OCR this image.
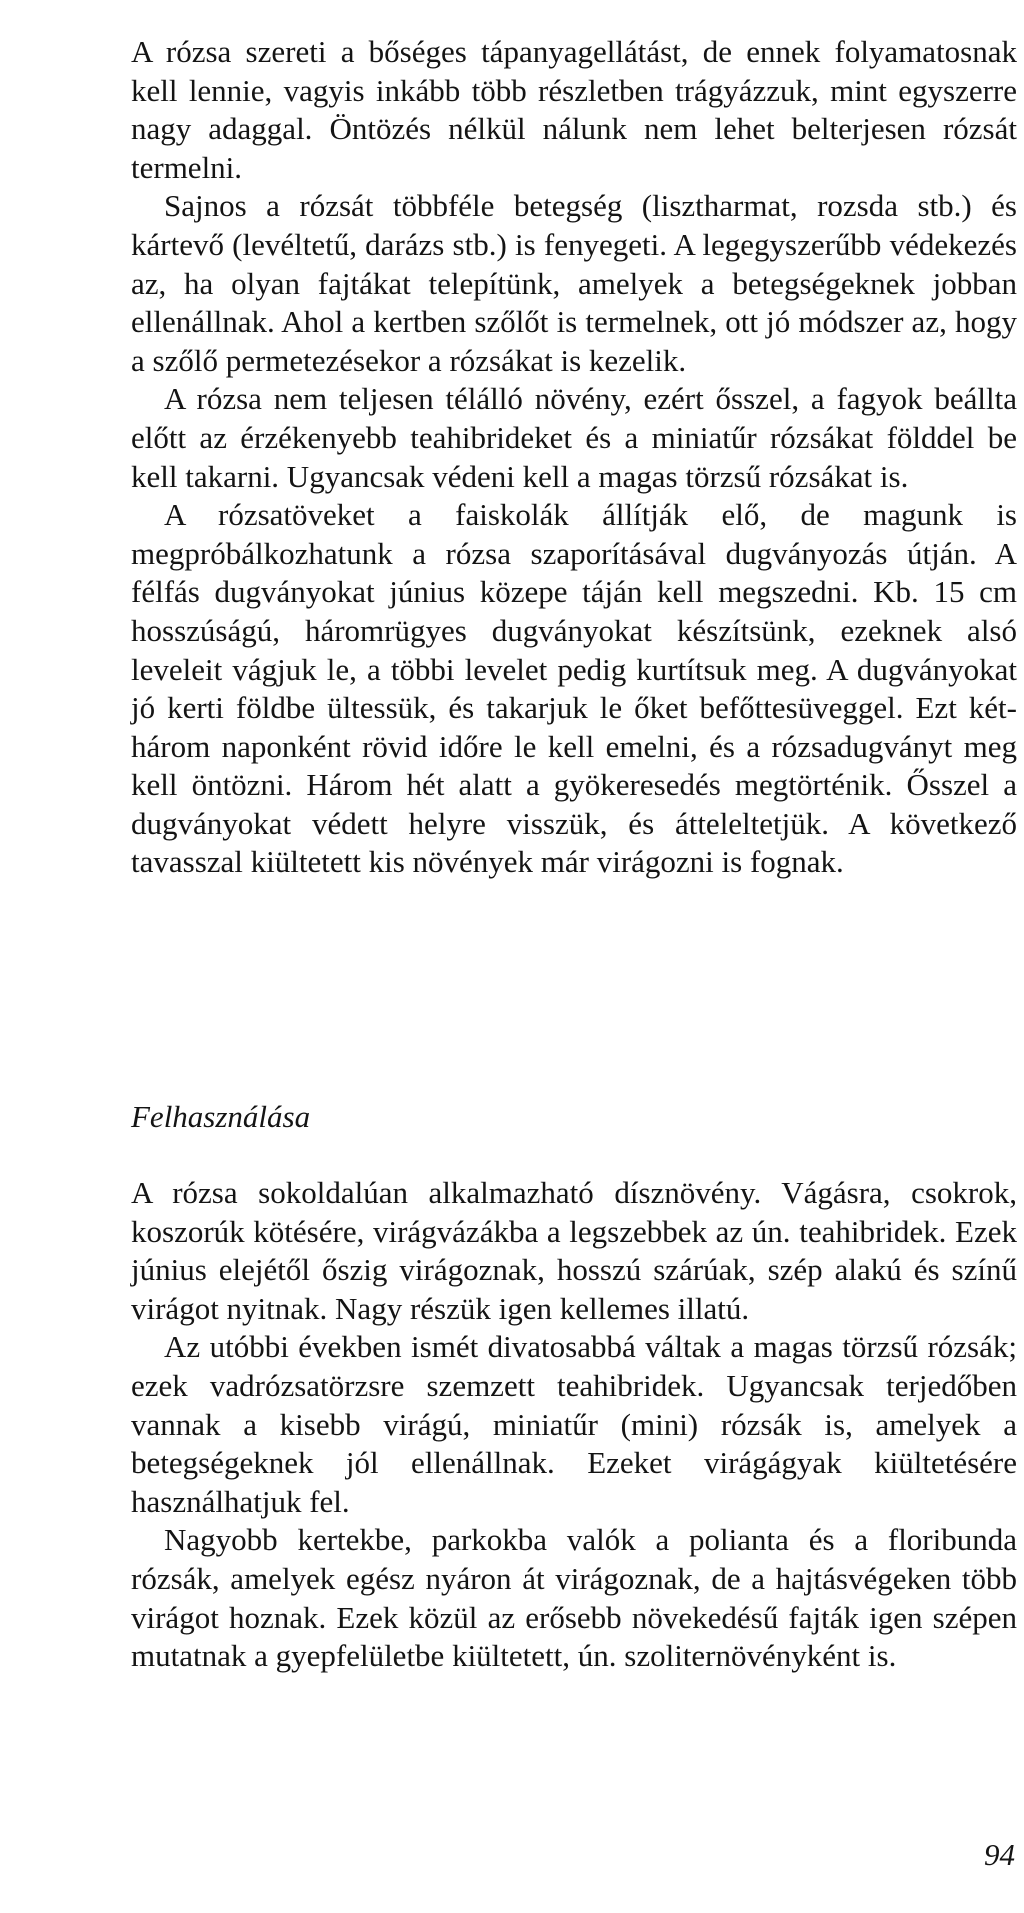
A rózsa szereti a bőséges tápanyagellátást, de ennek folyamatosnak kell lennie, vagyis inkább több részletben trágyázzuk, mint egyszerre nagy adaggal. Öntözés nélkül nálunk nem lehet belterjesen rózsát termelni.

Sajnos a rózsát többféle betegség (lisztharmat, rozsda stb.) és kártevő (levéltetű, darázs stb.) is fenyegeti. A legegyszerűbb védekezés az, ha olyan fajtákat telepítünk, amelyek a betegségeknek jobban ellenállnak. Ahol a kertben szőlőt is termelnek, ott jó módszer az, hogy a szőlő permetezésekor a rózsákat is kezelik.

A rózsa nem teljesen télálló növény, ezért ősszel, a fagyok beállta előtt az érzékenyebb teahibrideket és a miniatűr rózsákat földdel be kell takarni. Ugyancsak védeni kell a magas törzsű rózsákat is.

A rózsatöveket a faiskolák állítják elő, de magunk is megpróbálkozhatunk a rózsa szaporításával dugványozás útján. A félfás dugványokat június közepe táján kell megszedni. Kb. 15 cm hosszúságú, háromrügyes dugványokat készítsünk, ezeknek alsó leveleit vágjuk le, a többi levelet pedig kurtítsuk meg. A dugványokat jó kerti földbe ültessük, és takarjuk le őket befőttesüveggel. Ezt két-három naponként rövid időre le kell emelni, és a rózsadugványt meg kell öntözni. Három hét alatt a gyökeresedés megtörténik. Ősszel a dugványokat védett helyre visszük, és átteleltetjük. A következő tavasszal kiültetett kis növények már virágozni is fognak.

Felhasználása

A rózsa sokoldalúan alkalmazható dísznövény. Vágásra, csokrok, koszorúk kötésére, virágvázákba a legszebbek az ún. teahibridek. Ezek június elejétől őszig virágoznak, hosszú szárúak, szép alakú és színű virágot nyitnak. Nagy részük igen kellemes illatú.

Az utóbbi években ismét divatosabbá váltak a magas törzsű rózsák; ezek vadrózsatörzsre szemzett teahibridek. Ugyancsak terjedőben vannak a kisebb virágú, miniatűr (mini) rózsák is, amelyek a betegségeknek jól ellenállnak. Ezeket virágágyak kiültetésére használhatjuk fel.

Nagyobb kertekbe, parkokba valók a polianta és a floribunda rózsák, amelyek egész nyáron át virágoznak, de a hajtásvégeken több virágot hoznak. Ezek közül az erősebb növekedésű fajták igen szépen mutatnak a gyepfelületbe kiültetett, ún. szoliternövényként is.

94
